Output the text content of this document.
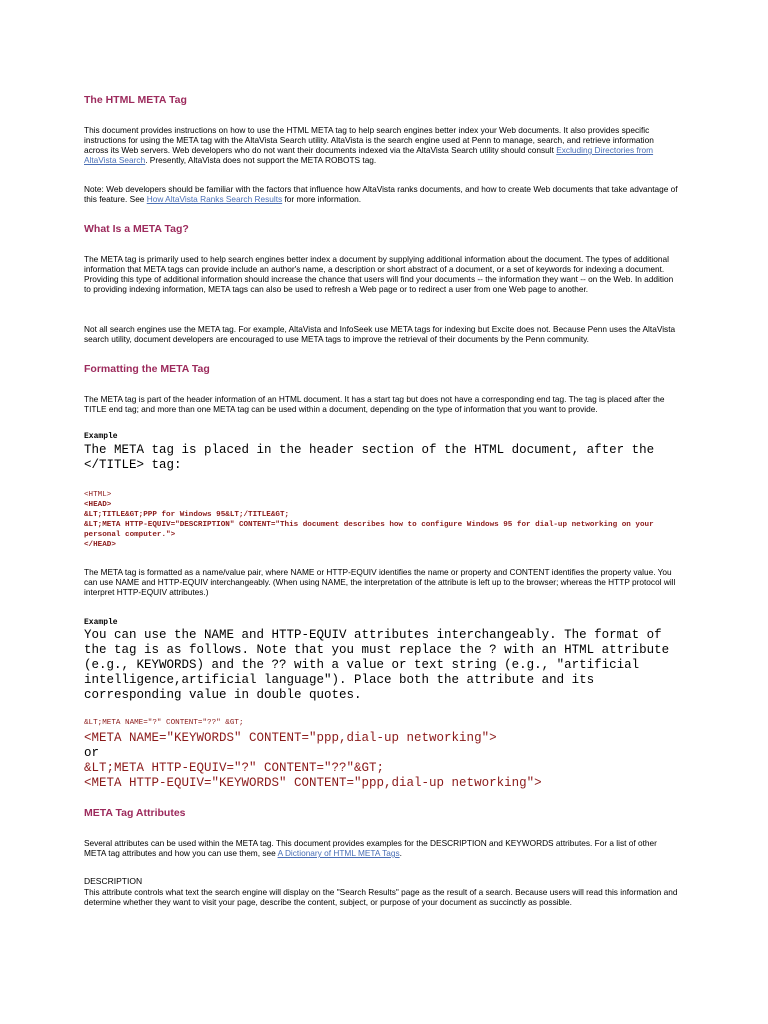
The HTML META Tag

This document provides instructions on how to use the HTML META tag to help search engines better index your Web documents. It also provides specific instructions for using the META tag with the AltaVista Search utility. AltaVista is the search engine used at Penn to manage, search, and retrieve information across its Web servers. Web developers who do not want their documents indexed via the AltaVista Search utility should consult Excluding Directories from AltaVista Search. Presently, AltaVista does not support the META ROBOTS tag.

Note: Web developers should be familiar with the factors that influence how AltaVista ranks documents, and how to create Web documents that take advantage of this feature. See How AltaVista Ranks Search Results for more information.

What Is a META Tag?

The META tag is primarily used to help search engines better index a document by supplying additional information about the document. The types of additional information that META tags can provide include an author's name, a description or short abstract of a document, or a set of keywords for indexing a document. Providing this type of additional information should increase the chance that users will find your documents -- the information they want -- on the Web. In addition to providing indexing information, META tags can also be used to refresh a Web page or to redirect a user from one Web page to another.

Not all search engines use the META tag. For example, AltaVista and InfoSeek use META tags for indexing but Excite does not. Because Penn uses the AltaVista search utility, document developers are encouraged to use META tags to improve the retrieval of their documents by the Penn community.

Formatting the META Tag

The META tag is part of the header information of an HTML document. It has a start tag but does not have a corresponding end tag. The tag is placed after the TITLE end tag; and more than one META tag can be used within a document, depending on the type of information that you want to provide.

Example

The META tag is placed in the header section of the HTML document, after the </TITLE> tag:

<HTML>
<HEAD>
&LT;TITLE&GT;PPP for Windows 95&LT;/TITLE&GT;
&LT;META HTTP-EQUIV="DESCRIPTION" CONTENT="This document describes how to configure Windows 95 for dial-up networking on your personal computer.">
</HEAD>

The META tag is formatted as a name/value pair, where NAME or HTTP-EQUIV identifies the name or property and CONTENT identifies the property value. You can use NAME and HTTP-EQUIV interchangeably. (When using NAME, the interpretation of the attribute is left up to the browser; whereas the HTTP protocol will interpret HTTP-EQUIV attributes.)

Example

You can use the NAME and HTTP-EQUIV attributes interchangeably. The format of the tag is as follows. Note that you must replace the ? with an HTML attribute (e.g., KEYWORDS) and the ?? with a value or text string (e.g., "artificial intelligence,artificial language"). Place both the attribute and its corresponding value in double quotes.

&LT;META NAME="?" CONTENT="??" &GT;
<META NAME="KEYWORDS" CONTENT="ppp,dial-up networking">
or
&LT;META HTTP-EQUIV="?" CONTENT="??"&GT;
<META HTTP-EQUIV="KEYWORDS" CONTENT="ppp,dial-up networking">
META Tag Attributes

Several attributes can be used within the META tag. This document provides examples for the DESCRIPTION and KEYWORDS attributes. For a list of other META tag attributes and how you can use them, see A Dictionary of HTML META Tags.

DESCRIPTION

This attribute controls what text the search engine will display on the "Search Results" page as the result of a search. Because users will read this information and determine whether they want to visit your page, describe the content, subject, or purpose of your document as succinctly as possible.
